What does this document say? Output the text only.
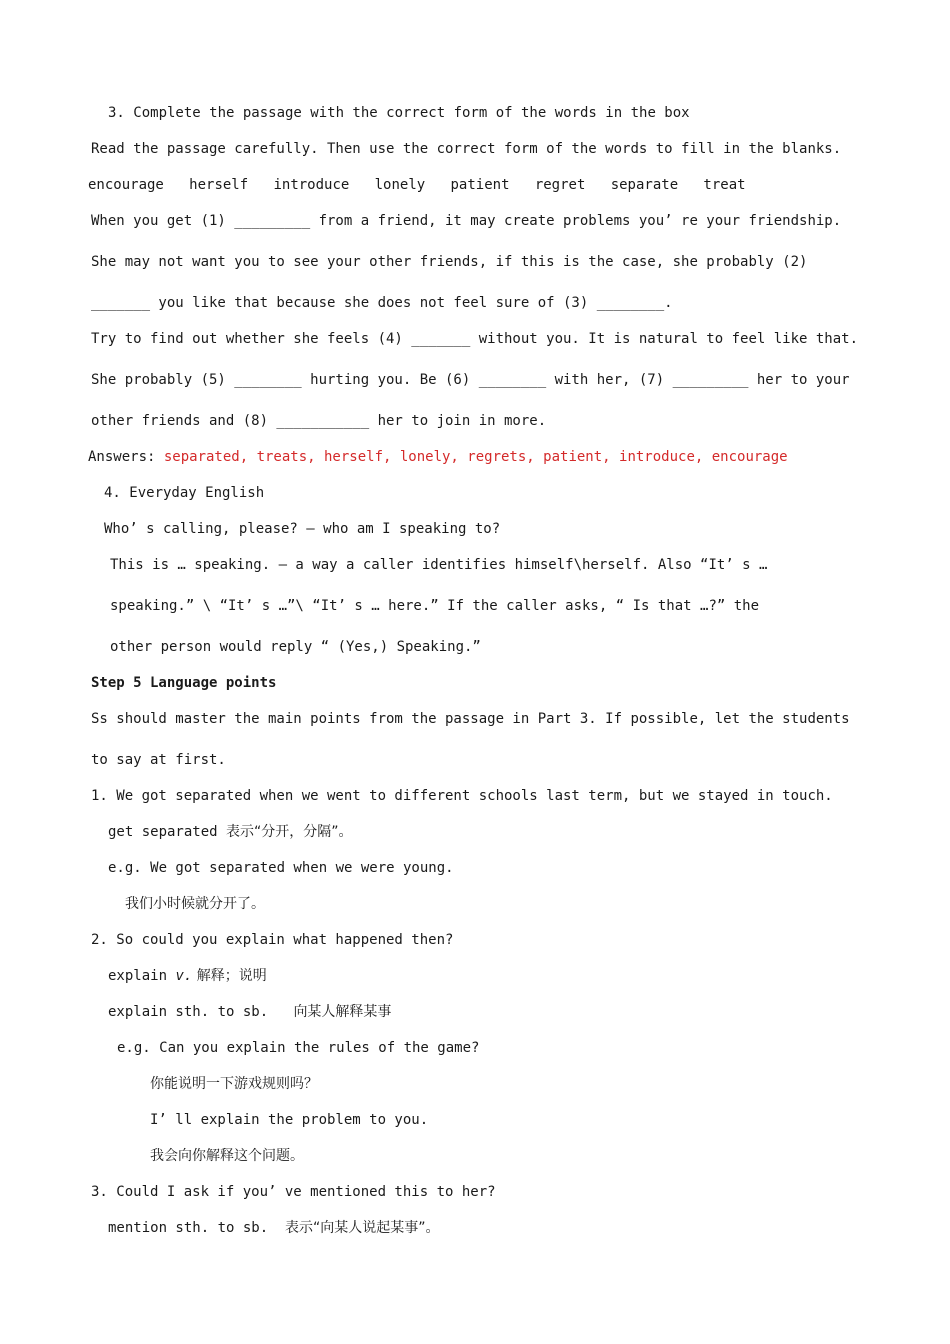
3. Complete the passage with the correct form of the words in the box
Read the passage carefully. Then use the correct form of the words to fill in the blanks.
encourage herself introduce lonely patient regret separate treat
When you get (1) _________ from a friend, it may create problems you’ re your friendship.
She may not want you to see your other friends, if this is the case, she probably (2)
_______ you like that because she does not feel sure of (3) ________.
Try to find out whether she feels (4) _______ without you. It is natural to feel like that.
She probably (5) ________ hurting you. Be (6) ________ with her, (7) _________ her to your
other friends and (8) ___________ her to join in more.
Answers: separated, treats, herself, lonely, regrets, patient, introduce, encourage
4. Everyday English
Who’ s calling, please? – who am I speaking to?
This is … speaking. – a way a caller identifies himself\herself. Also “It’ s …
speaking.” \ “It’ s …”\ “It’ s … here.” If the caller asks, “ Is that …?” the
other person would reply “ (Yes,) Speaking.”
Step 5 Language points
Ss should master the main points from the passage in Part 3. If possible, let the students
to say at first.
1. We got separated when we went to different schools last term, but we stayed in touch.
get separated 表示“分开，分隔”。
e.g. We got separated when we were young.
我们小时候就分开了。
2. So could you explain what happened then?
explain v. 解释；说明
explain sth. to sb.   向某人解释某事
e.g. Can you explain the rules of the game?
你能说明一下游戏规则吗？
I’ ll explain the problem to you.
我会向你解释这个问题。
3. Could I ask if you’ ve mentioned this to her?
mention sth. to sb.  表示“向某人说起某事”。
